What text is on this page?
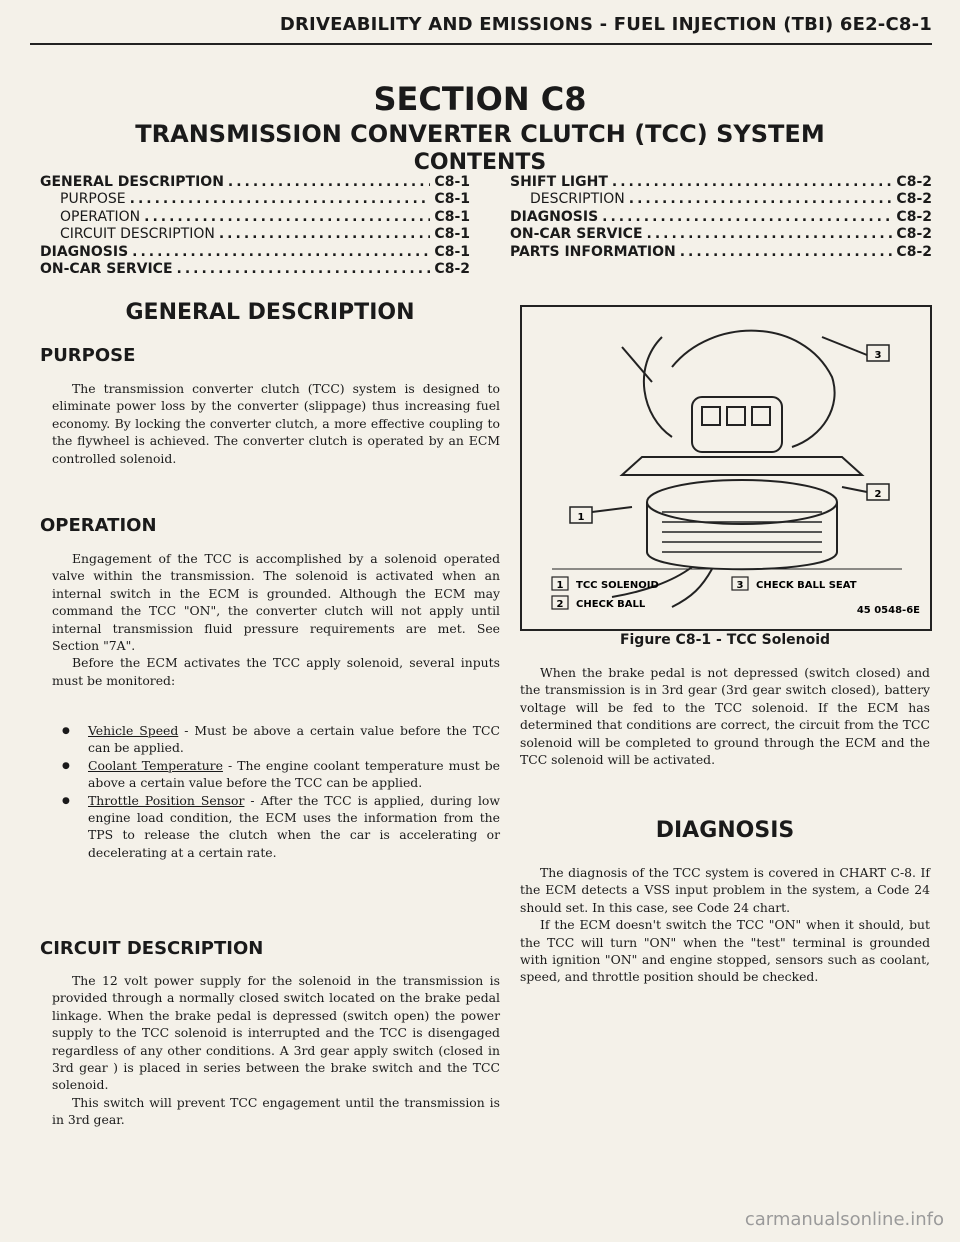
DRIVEABILITY AND EMISSIONS - FUEL INJECTION (TBI) 6E2-C8-1
SECTION C8
TRANSMISSION CONVERTER CLUTCH (TCC) SYSTEM
CONTENTS
GENERAL DESCRIPTION .....	C8-1
PURPOSE .....	C8-1
OPERATION .....	C8-1
CIRCUIT DESCRIPTION .....	C8-1
DIAGNOSIS .....	C8-1
ON-CAR SERVICE .....	C8-2
SHIFT LIGHT .....	C8-2
DESCRIPTION .....	C8-2
DIAGNOSIS .....	C8-2
ON-CAR SERVICE .....	C8-2
PARTS INFORMATION .....	C8-2
GENERAL DESCRIPTION
PURPOSE

The transmission converter clutch (TCC) system is designed to eliminate power loss by the converter (slippage) thus increasing fuel economy. By locking the converter clutch, a more effective coupling to the flywheel is achieved. The converter clutch is operated by an ECM controlled solenoid.

OPERATION

Engagement of the TCC is accomplished by a solenoid operated valve within the transmission. The solenoid is activated when an internal switch in the ECM is grounded. Although the ECM may command the TCC "ON", the converter clutch will not apply until internal transmission fluid pressure requirements are met. See Section "7A".

Before the ECM activates the TCC apply solenoid, several inputs must be monitored:

● Vehicle Speed - Must be above a certain value before the TCC can be applied.
● Coolant Temperature - The engine coolant temperature must be above a certain value before the TCC can be applied.
● Throttle Position Sensor - After the TCC is applied, during low engine load condition, the ECM uses the information from the TPS to release the clutch when the car is accelerating or decelerating at a certain rate.
CIRCUIT DESCRIPTION

The 12 volt power supply for the solenoid in the transmission is provided through a normally closed switch located on the brake pedal linkage. When the brake pedal is depressed (switch open) the power supply to the TCC solenoid is interrupted and the TCC is disengaged regardless of any other conditions. A 3rd gear apply switch (closed in 3rd gear ) is placed in series between the brake switch and the TCC solenoid.

This switch will prevent TCC engagement until the transmission is in 3rd gear.

3
2
1
1 TCC SOLENOID
2 CHECK BALL
3 CHECK BALL SEAT
45 0548-6E
Figure C8-1 - TCC Solenoid

When the brake pedal is not depressed (switch closed) and the transmission is in 3rd gear (3rd gear switch closed), battery voltage will be fed to the TCC solenoid. If the ECM has determined that conditions are correct, the circuit from the TCC solenoid will be completed to ground through the ECM and the TCC solenoid will be activated.

DIAGNOSIS

The diagnosis of the TCC system is covered in CHART C-8. If the ECM detects a VSS input problem in the system, a Code 24 should set. In this case, see Code 24 chart.

If the ECM doesn't switch the TCC "ON" when it should, but the TCC will turn "ON" when the "test" terminal is grounded with ignition "ON" and engine stopped, sensors such as coolant, speed, and throttle position should be checked.

carmanualsonline.info
